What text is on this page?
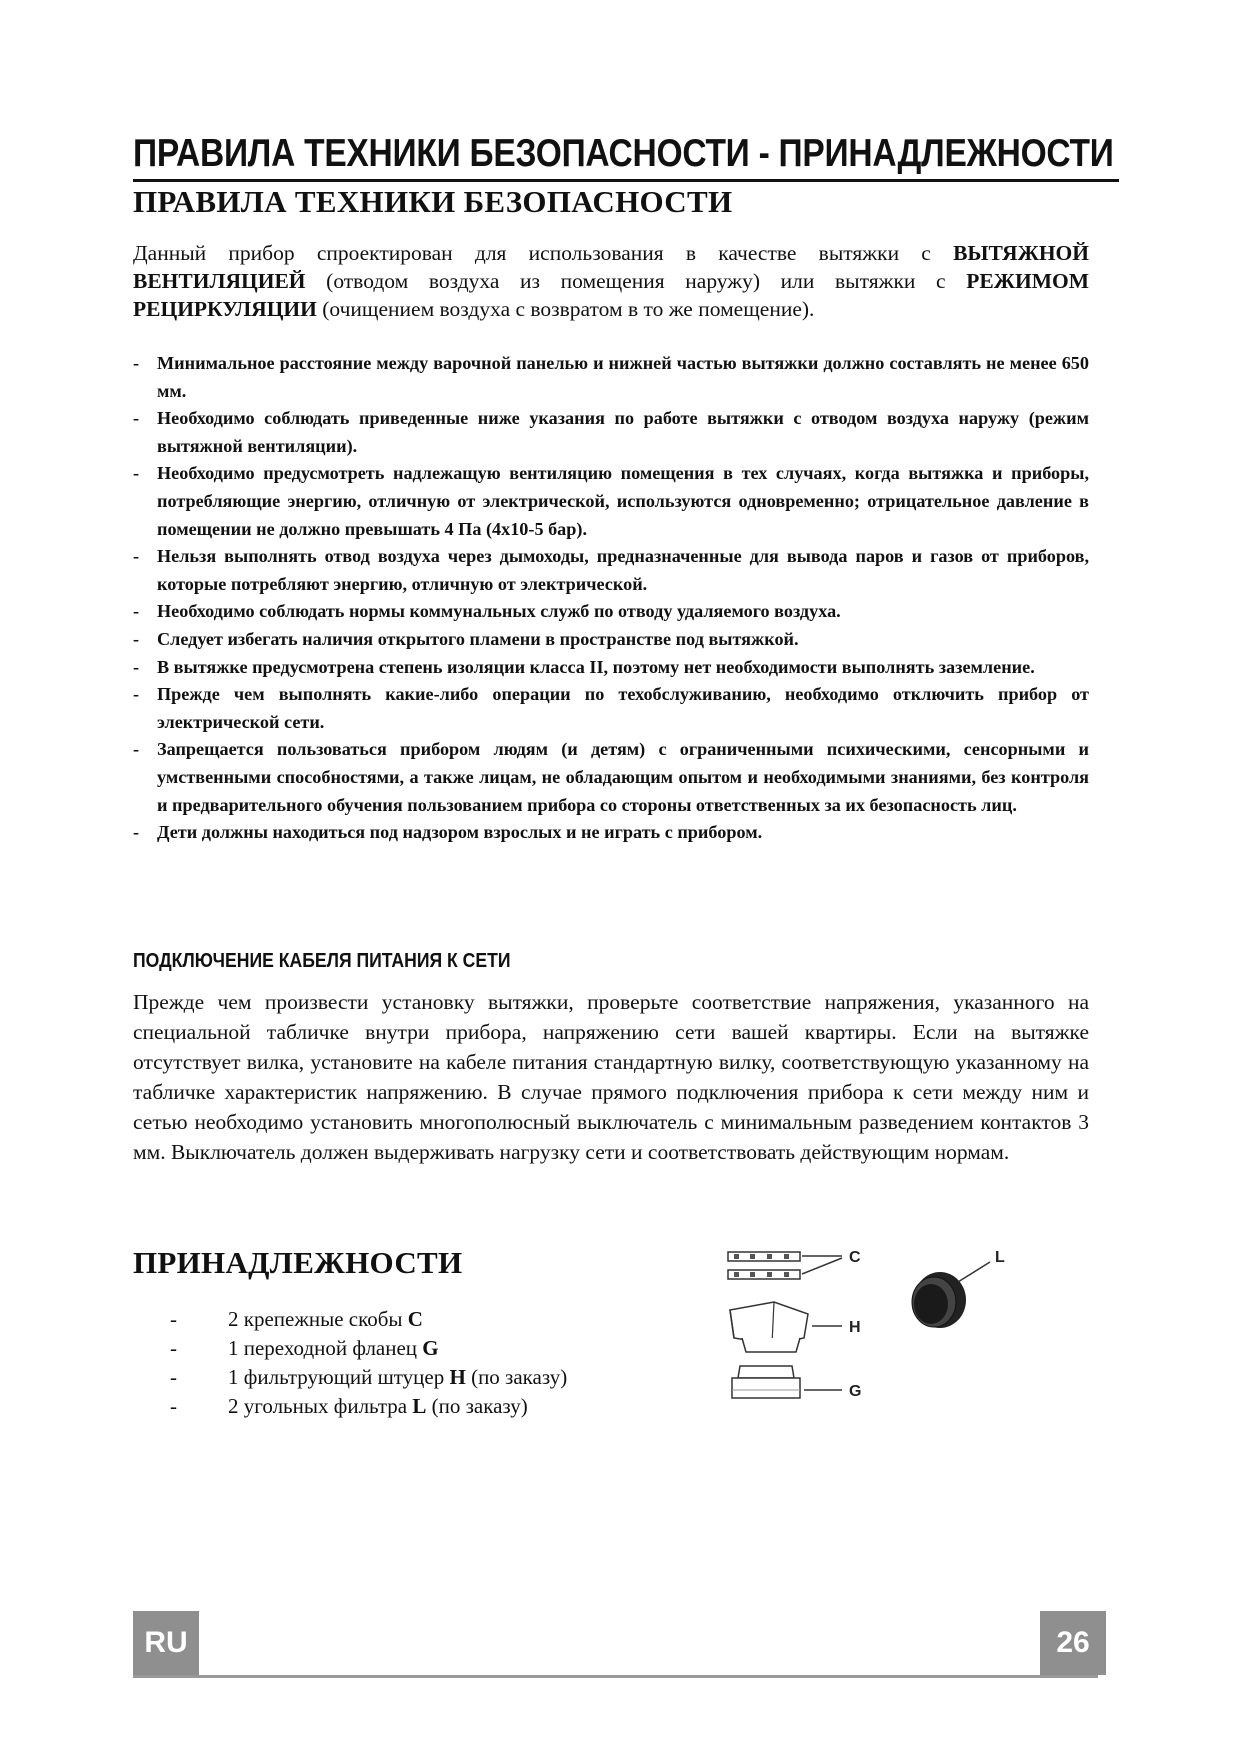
ПРАВИЛА ТЕХНИКИ БЕЗОПАСНОСТИ - ПРИНАДЛЕЖНОСТИ
ПРАВИЛА ТЕХНИКИ БЕЗОПАСНОСТИ
Данный прибор спроектирован для использования в качестве вытяжки с ВЫТЯЖНОЙ ВЕНТИЛЯЦИЕЙ (отводом воздуха из помещения наружу) или вытяжки с РЕЖИМОМ РЕЦИРКУЛЯЦИИ (очищением воздуха с возвратом в то же помещение).
- Минимальное расстояние между варочной панелью и нижней частью вытяжки должно составлять не менее 650 мм.
- Необходимо соблюдать приведенные ниже указания по работе вытяжки с отводом воздуха наружу (режим вытяжной вентиляции).
- Необходимо предусмотреть надлежащую вентиляцию помещения в тех случаях, когда вытяжка и приборы, потребляющие энергию, отличную от электрической, используются одновременно; отрицательное давление в помещении не должно превышать 4 Па (4x10-5 бар).
- Нельзя выполнять отвод воздуха через дымоходы, предназначенные для вывода паров и газов от приборов, которые потребляют энергию, отличную от электрической.
- Необходимо соблюдать нормы коммунальных служб по отводу удаляемого воздуха.
- Следует избегать наличия открытого пламени в пространстве под вытяжкой.
- В вытяжке предусмотрена степень изоляции класса II, поэтому нет необходимости выполнять заземление.
- Прежде чем выполнять какие-либо операции по техобслуживанию, необходимо отключить прибор от электрической сети.
- Запрещается пользоваться прибором людям (и детям) с ограниченными психическими, сенсорными и умственными способностями, а также лицам, не обладающим опытом и необходимыми знаниями, без контроля и предварительного обучения пользованием прибора со стороны ответственных за их безопасность лиц.
- Дети должны находиться под надзором взрослых и не играть с прибором.
ПОДКЛЮЧЕНИЕ КАБЕЛЯ ПИТАНИЯ К СЕТИ
Прежде чем произвести установку вытяжки, проверьте соответствие напряжения, указанного на специальной табличке внутри прибора, напряжению сети вашей квартиры. Если на вытяжке отсутствует вилка, установите на кабеле питания стандартную вилку, соответствующую указанному на табличке характеристик напряжению. В случае прямого подключения прибора к сети между ним и сетью необходимо установить многополюсный выключатель с минимальным разведением контактов 3 мм. Выключатель должен выдерживать нагрузку сети и соответствовать действующим нормам.
ПРИНАДЛЕЖНОСТИ
- 2 крепежные скобы C
- 1 переходной фланец G
- 1 фильтрующий штуцер H (по заказу)
- 2 угольных фильтра L (по заказу)
C	L
H
G
RU	26
